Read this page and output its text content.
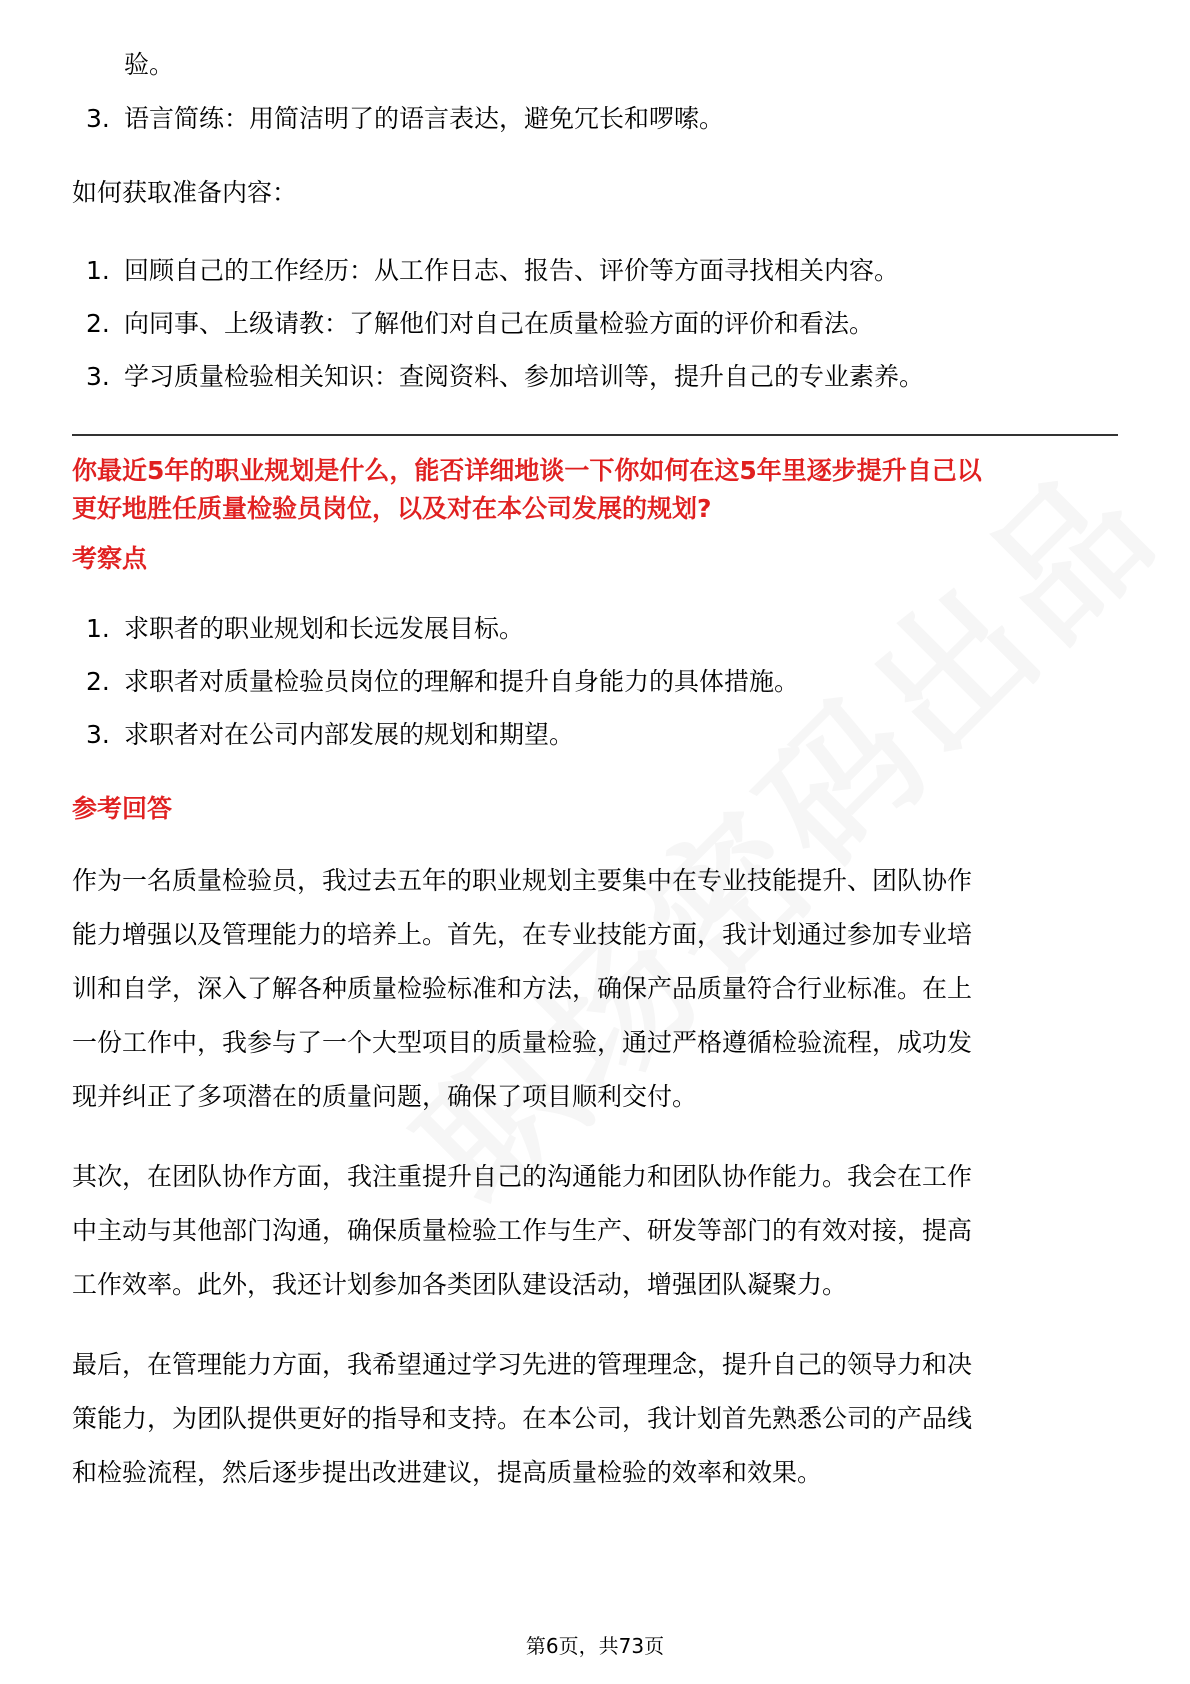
验。
3. 语言简练：用简洁明了的语言表达，避免冗长和啰嗦。
如何获取准备内容：
1. 回顾自己的工作经历：从工作日志、报告、评价等方面寻找相关内容。
2. 向同事、上级请教：了解他们对自己在质量检验方面的评价和看法。
3. 学习质量检验相关知识：查阅资料、参加培训等，提升自己的专业素养。
你最近5年的职业规划是什么，能否详细地谈一下你如何在这5年里逐步提升自己以
更好地胜任质量检验员岗位，以及对在本公司发展的规划?
考察点
1. 求职者的职业规划和长远发展目标。
2. 求职者对质量检验员岗位的理解和提升自身能力的具体措施。
3. 求职者对在公司内部发展的规划和期望。
参考回答
作为一名质量检验员，我过去五年的职业规划主要集中在专业技能提升、团队协作
能力增强以及管理能力的培养上。首先，在专业技能方面，我计划通过参加专业培
训和自学，深入了解各种质量检验标准和方法，确保产品质量符合行业标准。在上
一份工作中，我参与了一个大型项目的质量检验，通过严格遵循检验流程，成功发
现并纠正了多项潜在的质量问题，确保了项目顺利交付。
其次，在团队协作方面，我注重提升自己的沟通能力和团队协作能力。我会在工作
中主动与其他部门沟通，确保质量检验工作与生产、研发等部门的有效对接，提高
工作效率。此外，我还计划参加各类团队建设活动，增强团队凝聚力。
最后，在管理能力方面，我希望通过学习先进的管理理念，提升自己的领导力和决
策能力，为团队提供更好的指导和支持。在本公司，我计划首先熟悉公司的产品线
和检验流程，然后逐步提出改进建议，提高质量检验的效率和效果。
第6页，共73页
